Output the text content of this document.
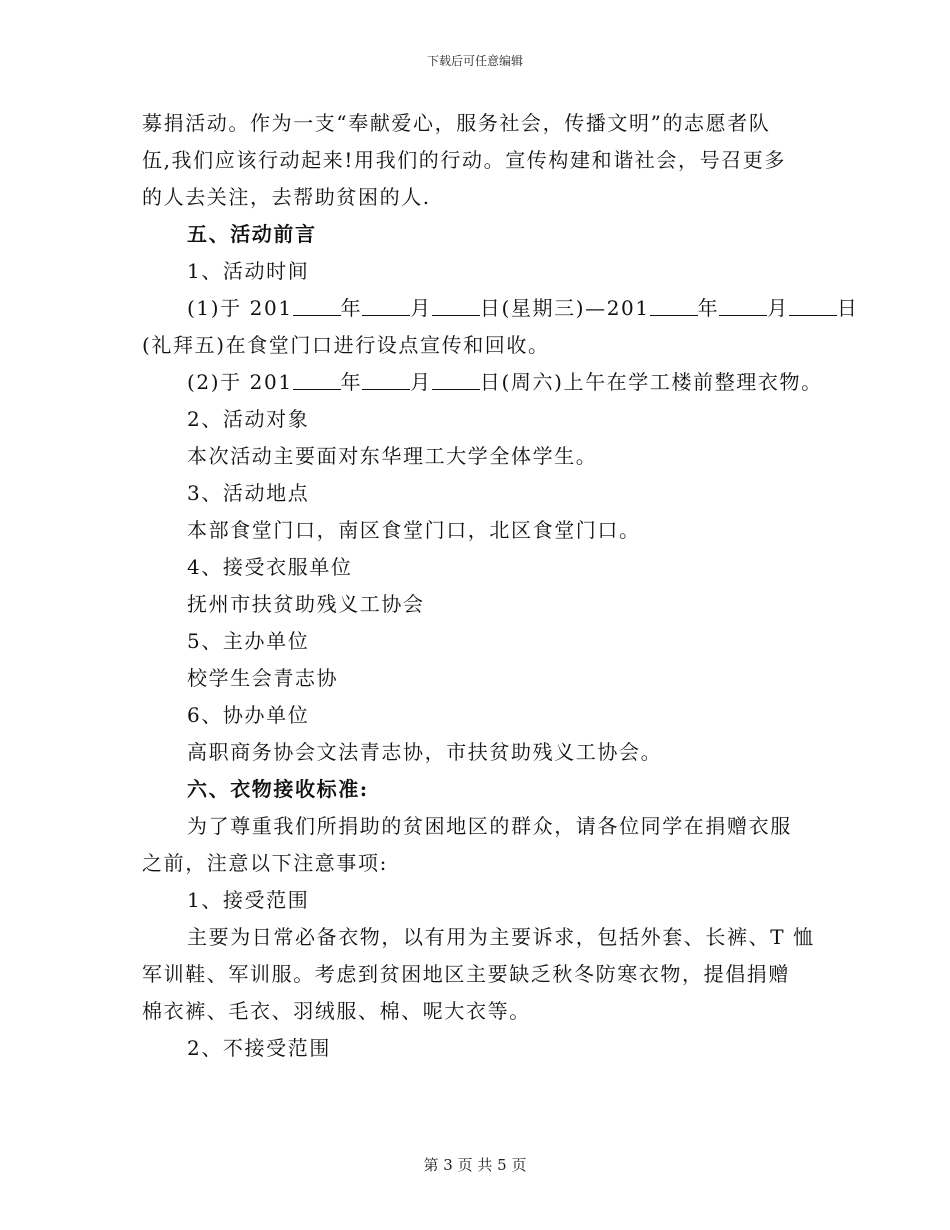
下载后可任意编辑

募捐活动。作为一支“奉献爱心，服务社会，传播文明”的志愿者队

伍,我们应该行动起来!用我们的行动。宣传构建和谐社会，号召更多

的人去关注，去帮助贫困的人.

五、活动前言

1、活动时间

(1)于 201 年 月 日(星期三)—201 年 月 日

(礼拜五)在食堂门口进行设点宣传和回收。

(2)于 201 年 月 日(周六)上午在学工楼前整理衣物。

2、活动对象

本次活动主要面对东华理工大学全体学生。

3、活动地点

本部食堂门口，南区食堂门口，北区食堂门口。

4、接受衣服单位

抚州市扶贫助残义工协会

5、主办单位

校学生会青志协

6、协办单位

高职商务协会文法青志协，市扶贫助残义工协会。

六、衣物接收标准:

为了尊重我们所捐助的贫困地区的群众，请各位同学在捐赠衣服

之前，注意以下注意事项:

1、接受范围

主要为日常必备衣物，以有用为主要诉求，包括外套、长裤、T 恤

军训鞋、军训服。考虑到贫困地区主要缺乏秋冬防寒衣物，提倡捐赠

棉衣裤、毛衣、羽绒服、棉、呢大衣等。

2、不接受范围

第 3 页 共 5 页
